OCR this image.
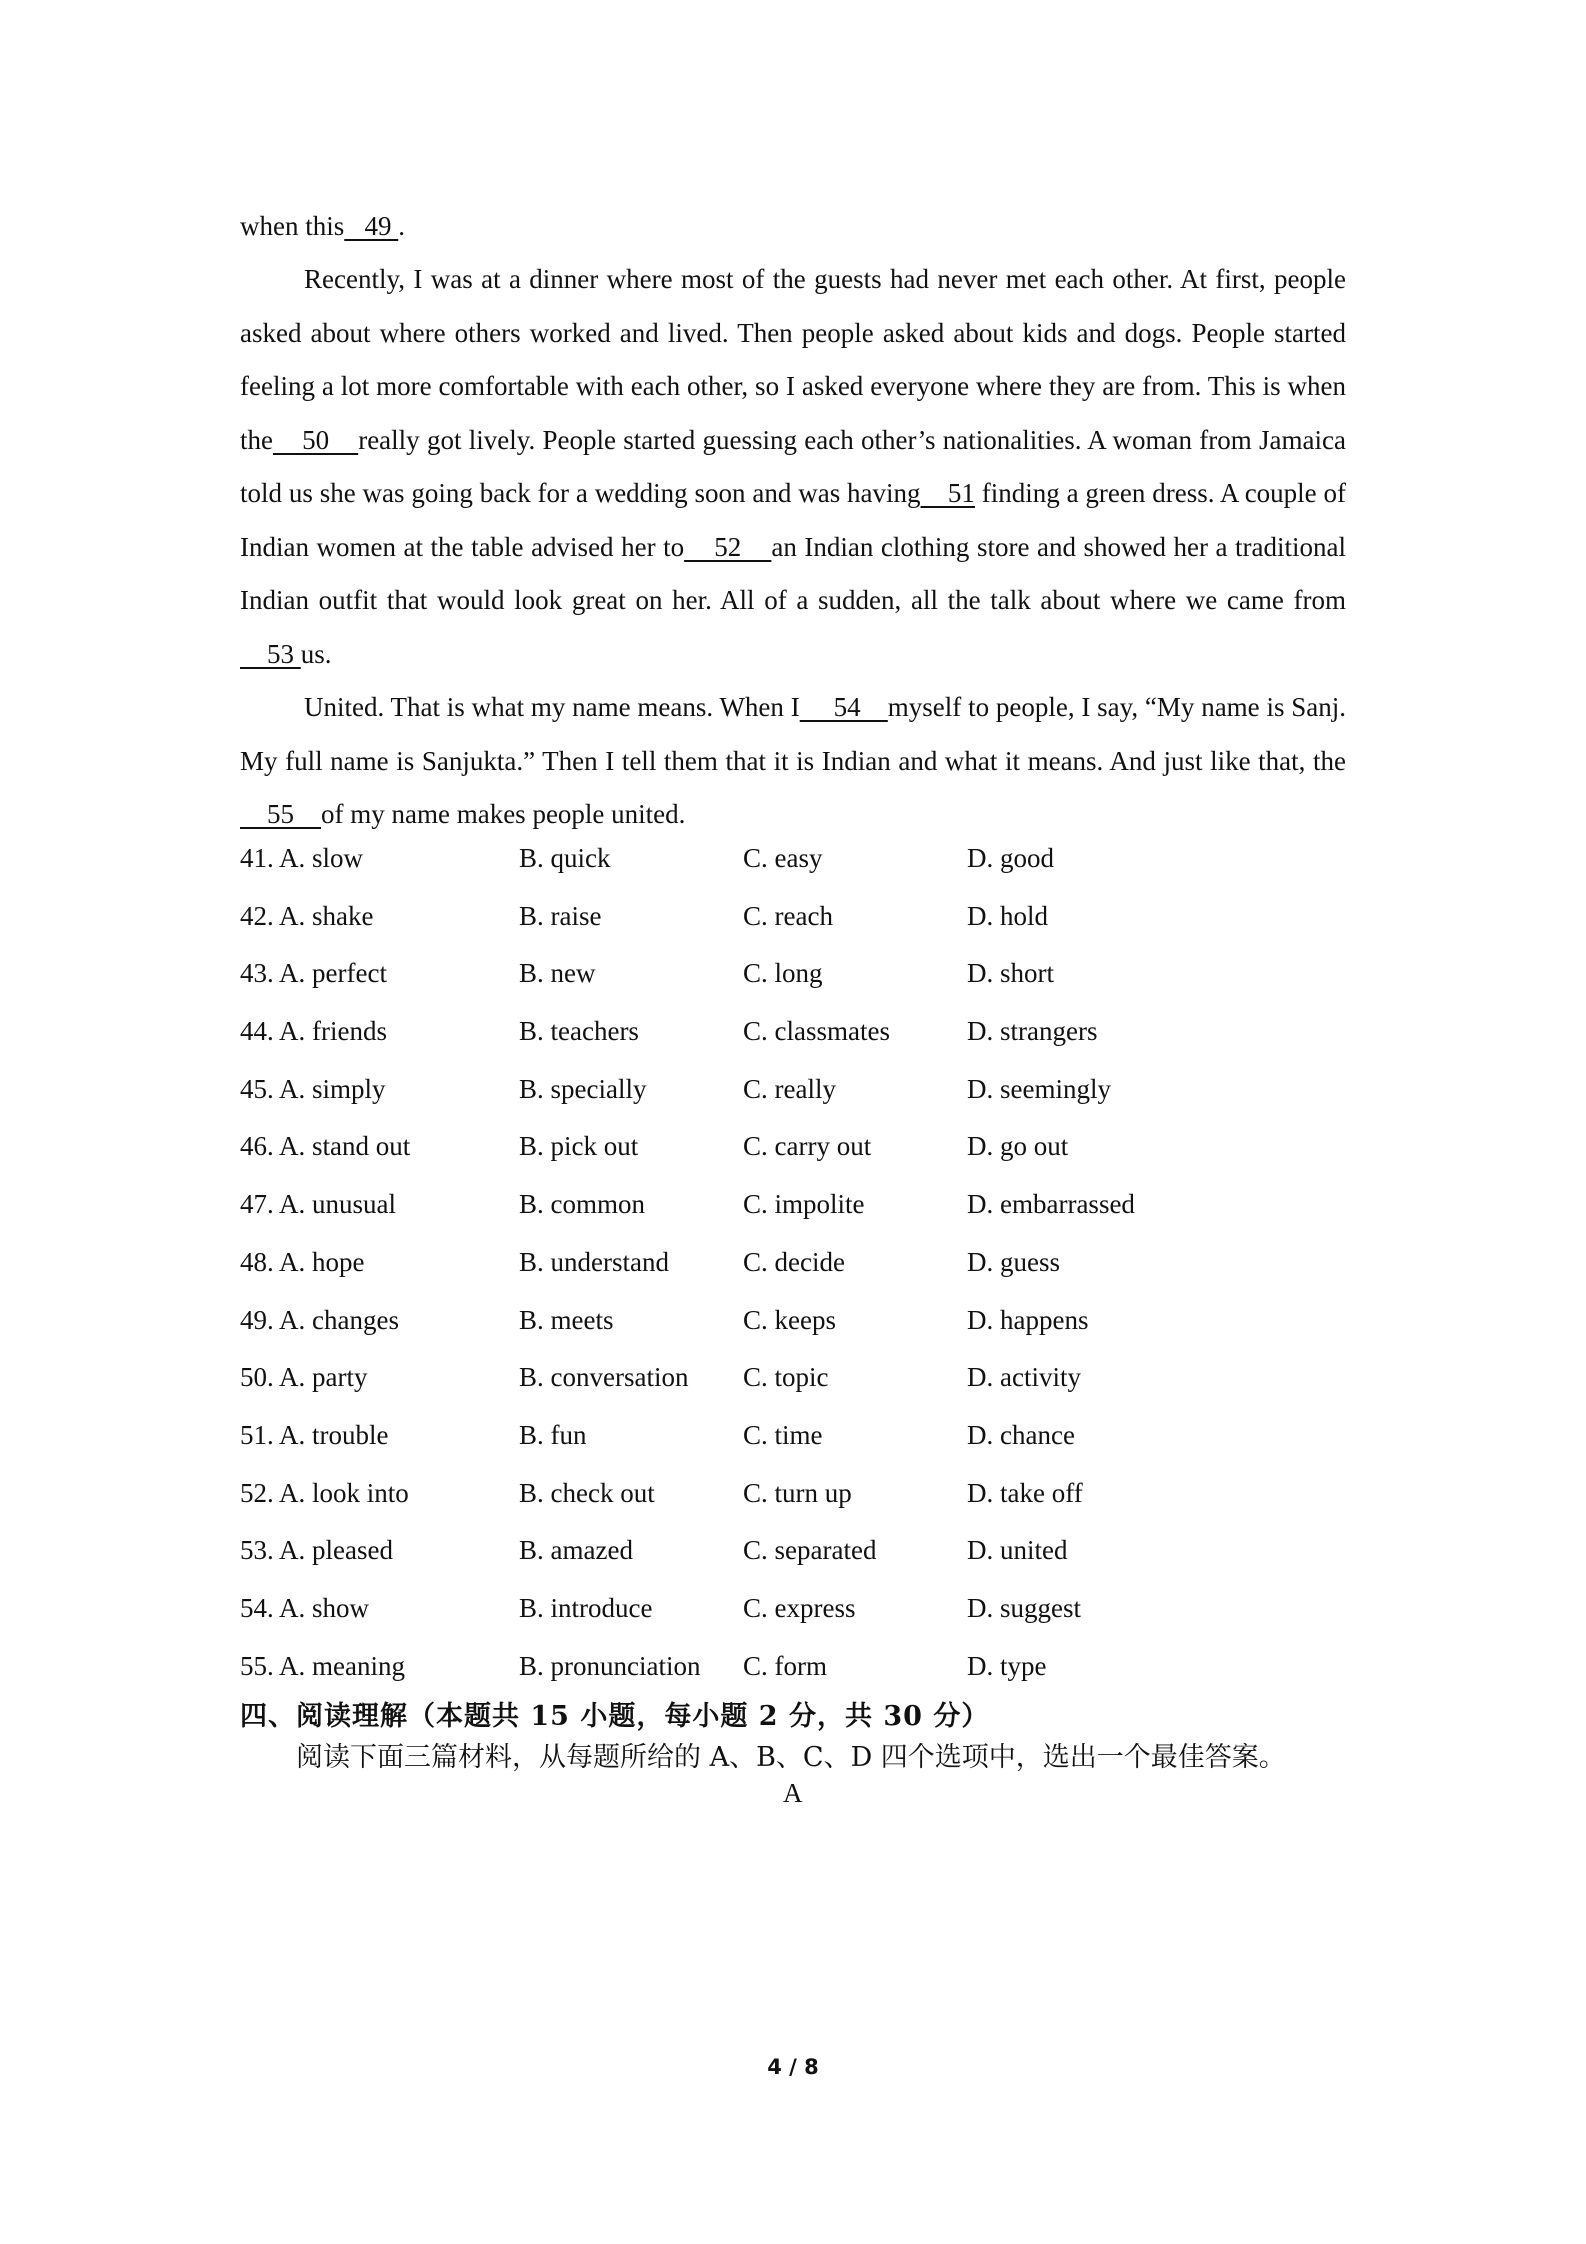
when this   49 .
Recently, I was at a dinner where most of the guests had never met each other. At first, people asked about where others worked and lived. Then people asked about kids and dogs. People started feeling a lot more comfortable with each other, so I asked everyone where they are from. This is when the    50    really got lively. People started guessing each other’s nationalities. A woman from Jamaica told us she was going back for a wedding soon and was having    51 finding a green dress. A couple of Indian women at the table advised her to    52    an Indian clothing store and showed her a traditional Indian outfit that would look great on her. All of a sudden, all the talk about where we came from    53 us.
United. That is what my name means. When I     54    myself to people, I say, “My name is Sanj. My full name is Sanjukta.” Then I tell them that it is Indian and what it means. And just like that, the    55    of my name makes people united.
41. A. slow	B. quick	C. easy	D. good
42. A. shake	B. raise	C. reach	D. hold
43. A. perfect	B. new	C. long	D. short
44. A. friends	B. teachers	C. classmates	D. strangers
45. A. simply	B. specially	C. really	D. seemingly
46. A. stand out	B. pick out	C. carry out	D. go out
47. A. unusual	B. common	C. impolite	D. embarrassed
48. A. hope	B. understand	C. decide	D. guess
49. A. changes	B. meets	C. keeps	D. happens
50. A. party	B. conversation C. topic	D. activity
51. A. trouble	B. fun	C. time	D. chance
52. A. look into	B. check out	C. turn up	D. take off
53. A. pleased	B. amazed	C. separated	D. united
54. A. show	B. introduce	C. express	D. suggest
55. A. meaning	B. pronunciation C. form	D. type
四、阅读理解（本题共 15 小题，每小题 2 分，共 30 分）
阅读下面三篇材料，从每题所给的 A、B、C、D 四个选项中，选出一个最佳答案。
A
4 / 8
